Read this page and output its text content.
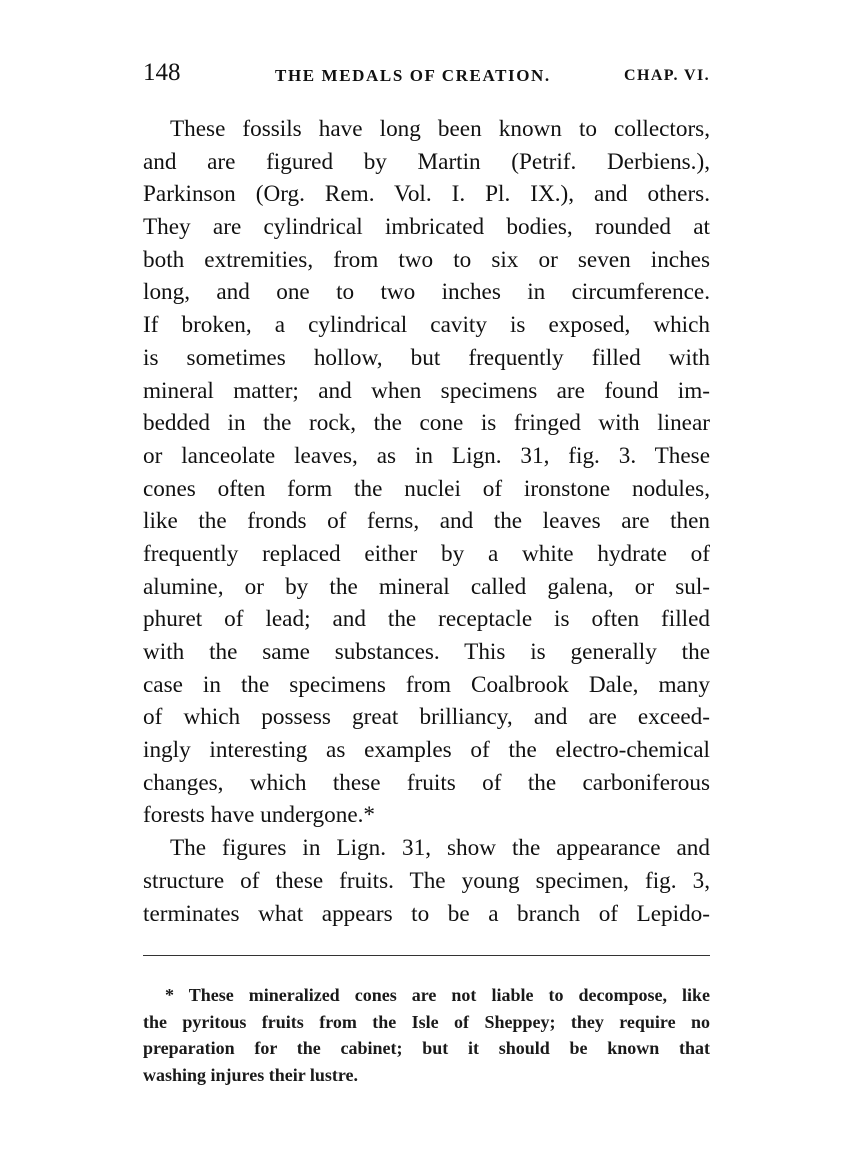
148	THE MEDALS OF CREATION.	CHAP. VI.
These fossils have long been known to collectors,
and are figured by Martin (Petrif. Derbiens.),
Parkinson (Org. Rem. Vol. I. Pl. IX.), and others.
They are cylindrical imbricated bodies, rounded at
both extremities, from two to six or seven inches
long, and one to two inches in circumference.
If broken, a cylindrical cavity is exposed, which
is sometimes hollow, but frequently filled with
mineral matter; and when specimens are found im-
bedded in the rock, the cone is fringed with linear
or lanceolate leaves, as in Lign. 31, fig. 3. These
cones often form the nuclei of ironstone nodules,
like the fronds of ferns, and the leaves are then
frequently replaced either by a white hydrate of
alumine, or by the mineral called galena, or sul-
phuret of lead; and the receptacle is often filled
with the same substances. This is generally the
case in the specimens from Coalbrook Dale, many
of which possess great brilliancy, and are exceed-
ingly interesting as examples of the electro-chemical
changes, which these fruits of the carboniferous
forests have undergone.*
The figures in Lign. 31, show the appearance and
structure of these fruits. The young specimen, fig. 3,
terminates what appears to be a branch of Lepido-
* These mineralized cones are not liable to decompose, like
the pyritous fruits from the Isle of Sheppey; they require no
preparation for the cabinet; but it should be known that
washing injures their lustre.
